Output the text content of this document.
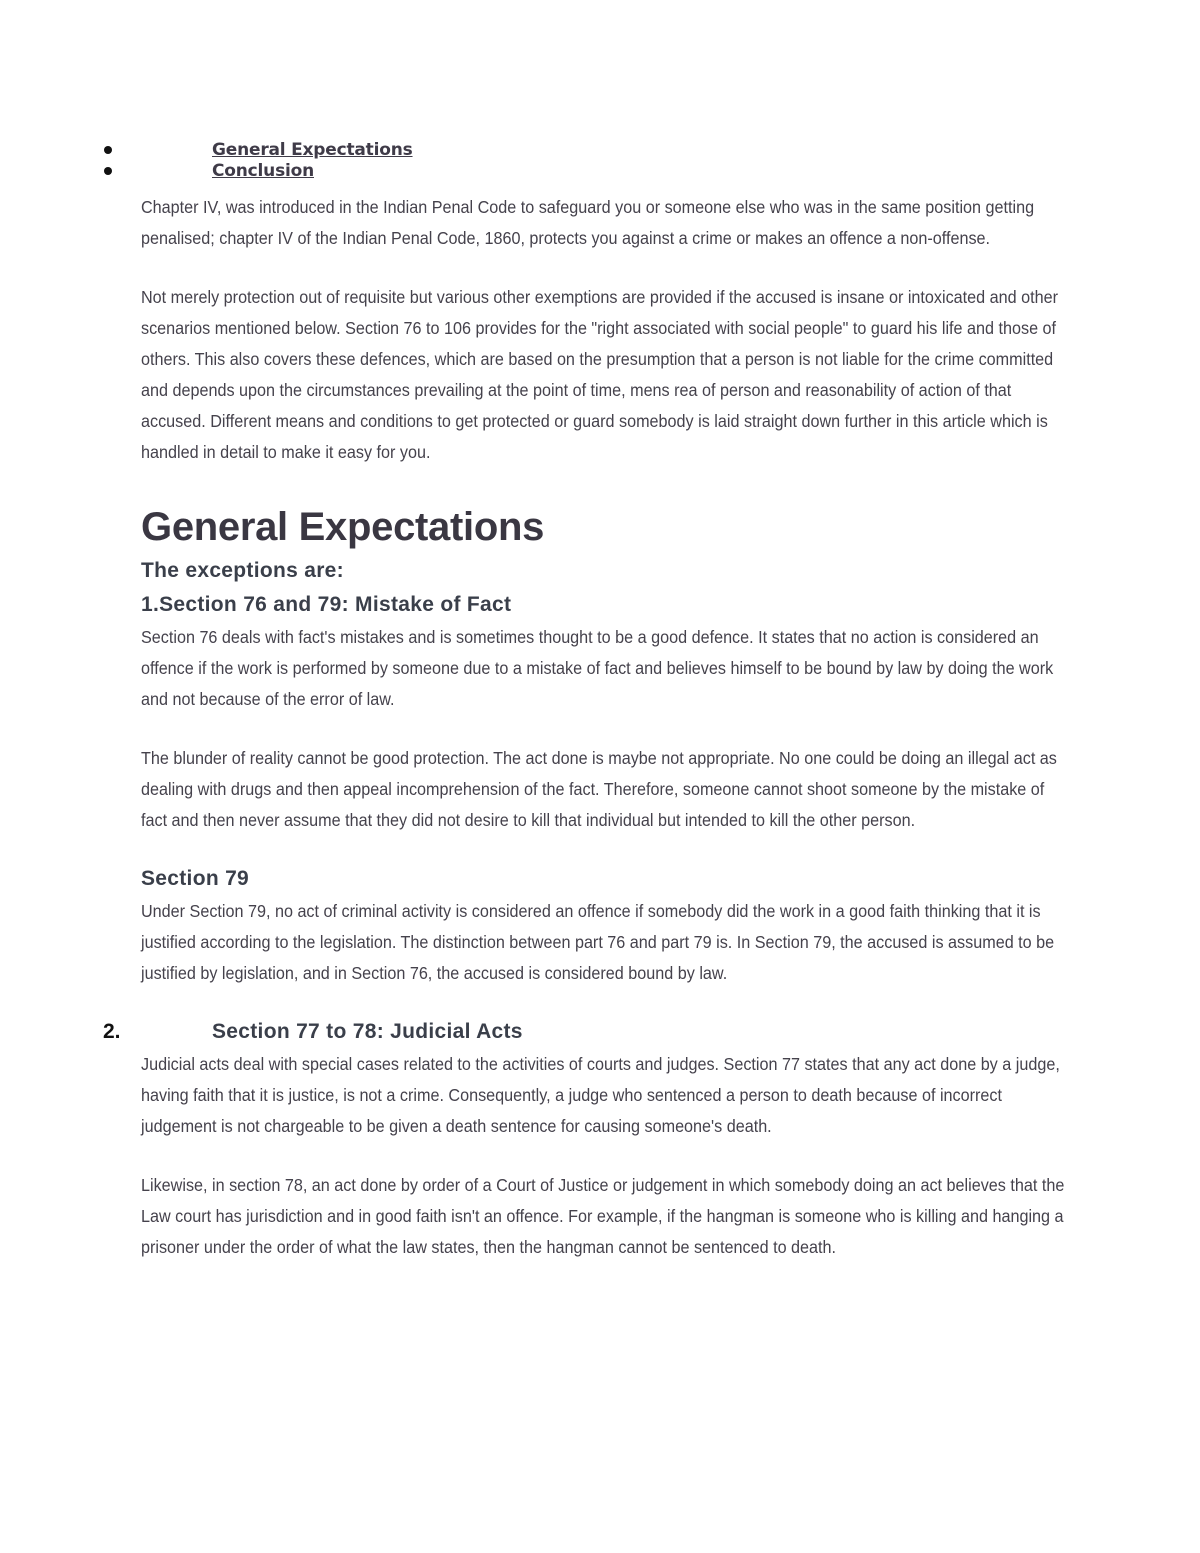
General Expectations
Conclusion

Chapter IV, was introduced in the Indian Penal Code to safeguard you or someone else who was in the same position getting penalised; chapter IV of the Indian Penal Code, 1860, protects you against a crime or makes an offence a non-offense.

Not merely protection out of requisite but various other exemptions are provided if the accused is insane or intoxicated and other scenarios mentioned below. Section 76 to 106 provides for the "right associated with social people" to guard his life and those of others. This also covers these defences, which are based on the presumption that a person is not liable for the crime committed and depends upon the circumstances prevailing at the point of time, mens rea of person and reasonability of action of that accused. Different means and conditions to get protected or guard somebody is laid straight down further in this article which is handled in detail to make it easy for you.

General Expectations
The exceptions are:
1.Section 76 and 79: Mistake of Fact

Section 76 deals with fact's mistakes and is sometimes thought to be a good defence. It states that no action is considered an offence if the work is performed by someone due to a mistake of fact and believes himself to be bound by law by doing the work and not because of the error of law.

The blunder of reality cannot be good protection. The act done is maybe not appropriate. No one could be doing an illegal act as dealing with drugs and then appeal incomprehension of the fact. Therefore, someone cannot shoot someone by the mistake of fact and then never assume that they did not desire to kill that individual but intended to kill the other person.

Section 79

Under Section 79, no act of criminal activity is considered an offence if somebody did the work in a good faith thinking that it is justified according to the legislation. The distinction between part 76 and part 79 is. In Section 79, the accused is assumed to be justified by legislation, and in Section 76, the accused is considered bound by law.

2.	Section 77 to 78: Judicial Acts

Judicial acts deal with special cases related to the activities of courts and judges. Section 77 states that any act done by a judge, having faith that it is justice, is not a crime. Consequently, a judge who sentenced a person to death because of incorrect judgement is not chargeable to be given a death sentence for causing someone's death.

Likewise, in section 78, an act done by order of a Court of Justice or judgement in which somebody doing an act believes that the Law court has jurisdiction and in good faith isn't an offence. For example, if the hangman is someone who is killing and hanging a prisoner under the order of what the law states, then the hangman cannot be sentenced to death.
